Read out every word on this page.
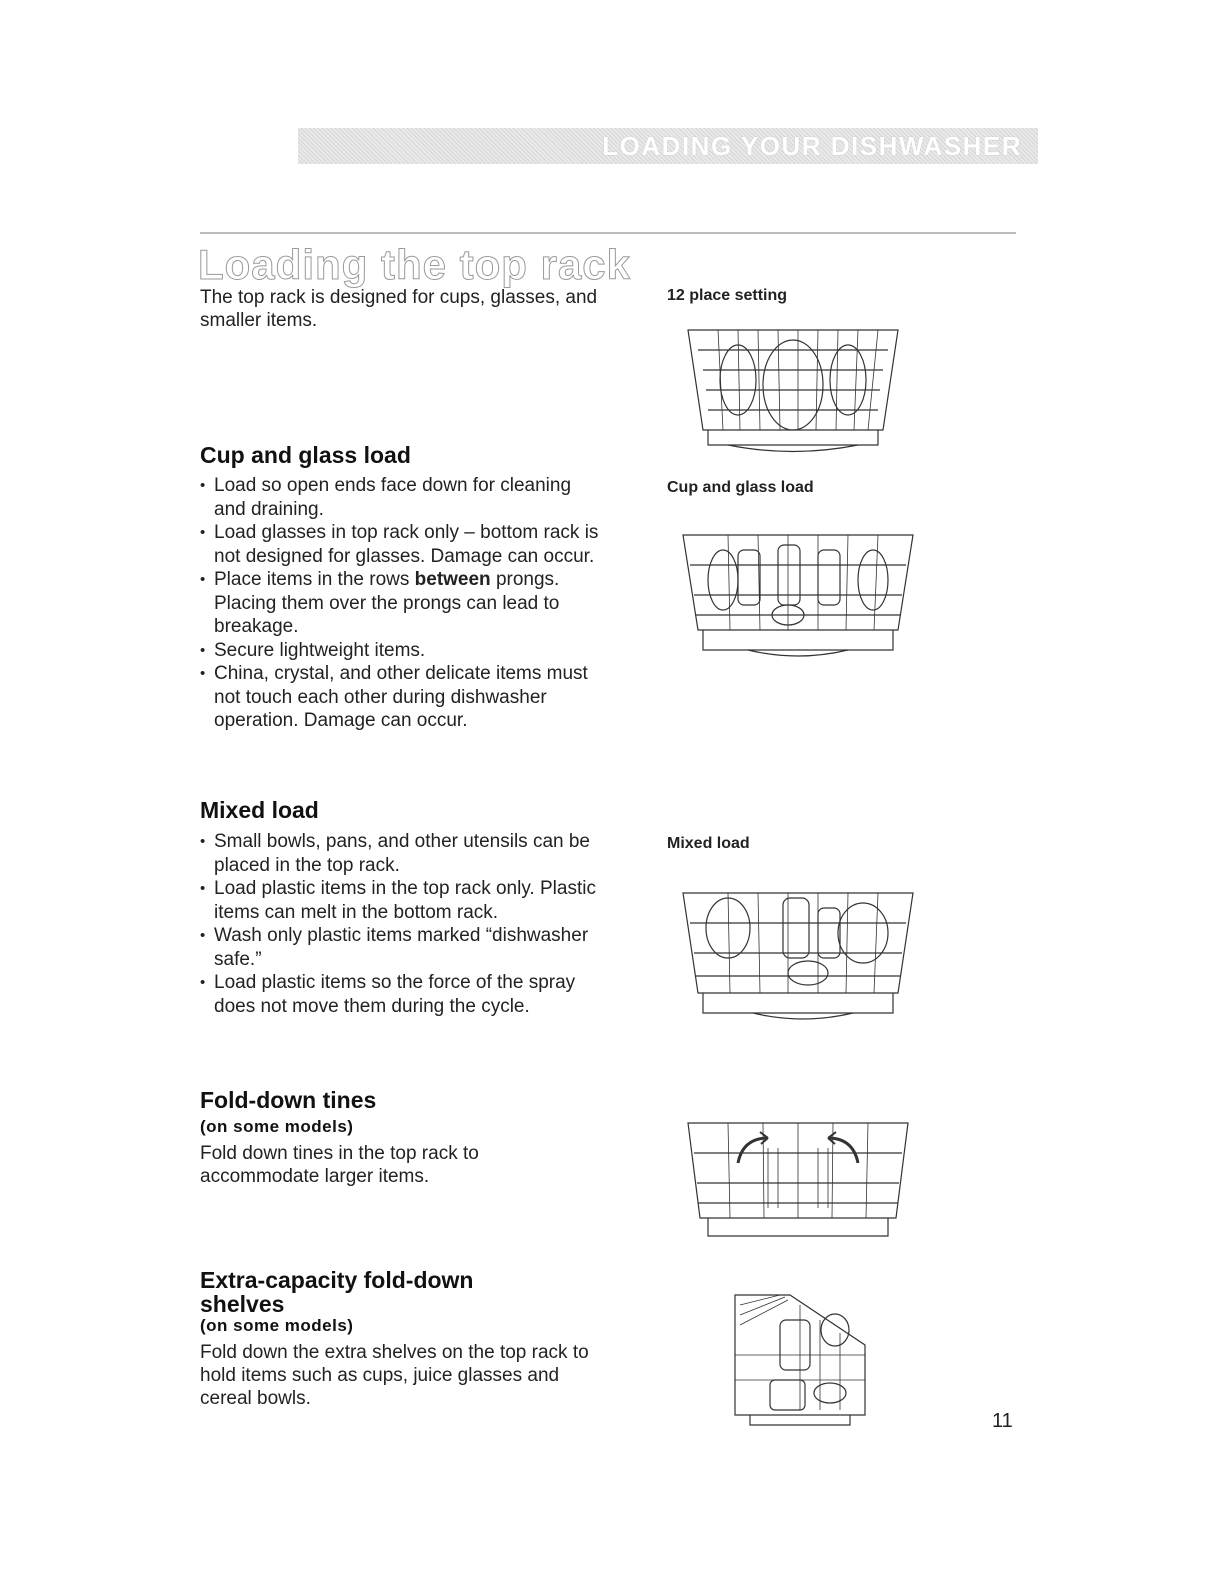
LOADING YOUR DISHWASHER
Loading the top rack

The top rack is designed for cups, glasses, and smaller items.

Cup and glass load
• Load so open ends face down for cleaning and draining.
• Load glasses in top rack only – bottom rack is not designed for glasses. Damage can occur.
• Place items in the rows between prongs. Placing them over the prongs can lead to breakage.
• Secure lightweight items.
• China, crystal, and other delicate items must not touch each other during dishwasher operation. Damage can occur.
Mixed load
• Small bowls, pans, and other utensils can be placed in the top rack.
• Load plastic items in the top rack only. Plastic items can melt in the bottom rack.
• Wash only plastic items marked “dishwasher safe.”
• Load plastic items so the force of the spray does not move them during the cycle.
Fold-down tines
(on some models)

Fold down tines in the top rack to accommodate larger items.

Extra-capacity fold-down shelves
(on some models)

Fold down the extra shelves on the top rack to hold items such as cups, juice glasses and cereal bowls.

12 place setting
Cup and glass load
Mixed load
11
